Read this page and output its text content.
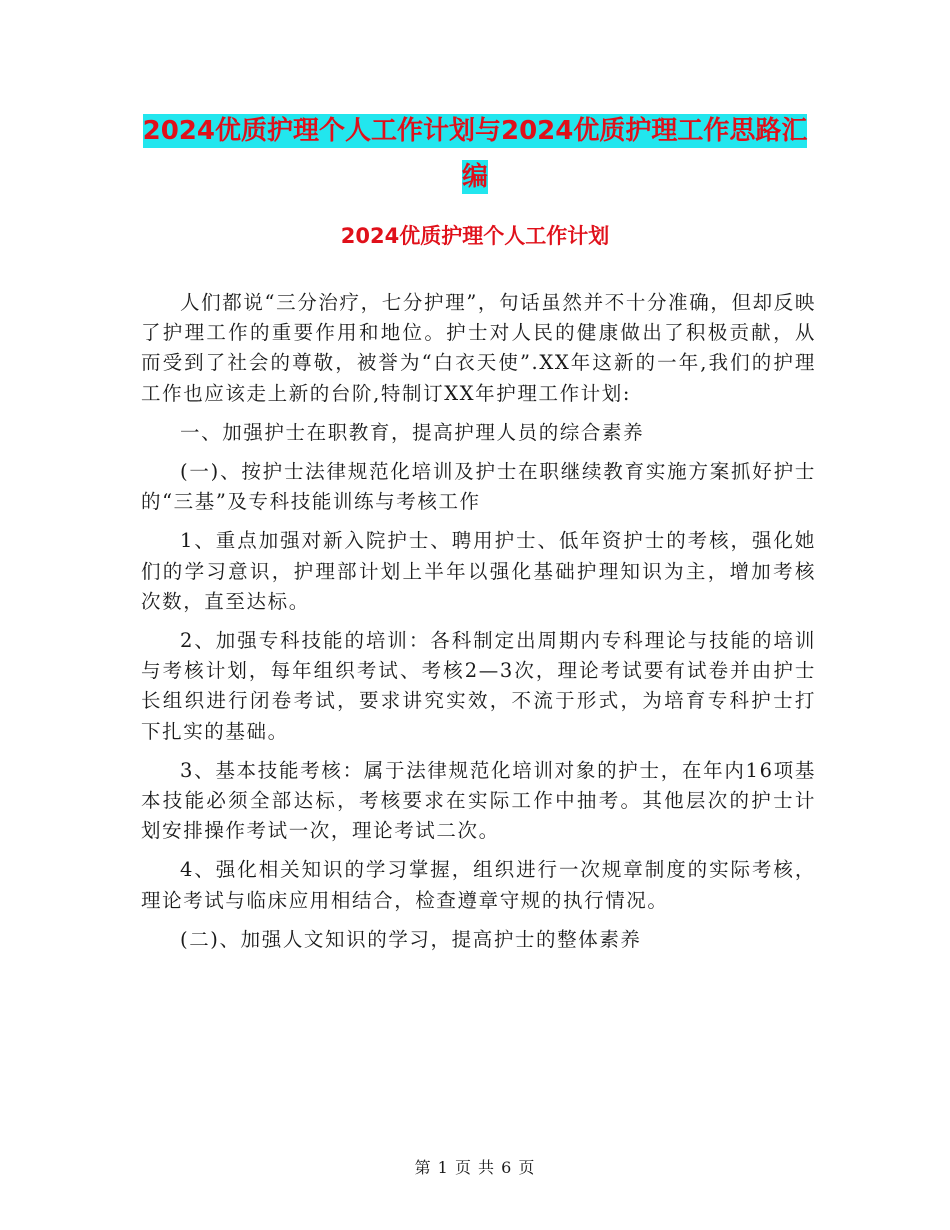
2024优质护理个人工作计划与2024优质护理工作思路汇编
2024优质护理个人工作计划

人们都说“三分治疗，七分护理”，句话虽然并不十分准确，但却反映了护理工作的重要作用和地位。护士对人民的健康做出了积极贡献，从而受到了社会的尊敬，被誉为“白衣天使”.XX年这新的一年,我们的护理工作也应该走上新的台阶,特制订XX年护理工作计划:

一、加强护士在职教育，提高护理人员的综合素养

(一)、按护士法律规范化培训及护士在职继续教育实施方案抓好护士的“三基”及专科技能训练与考核工作

1、重点加强对新入院护士、聘用护士、低年资护士的考核，强化她们的学习意识，护理部计划上半年以强化基础护理知识为主，增加考核次数，直至达标。

2、加强专科技能的培训：各科制定出周期内专科理论与技能的培训与考核计划，每年组织考试、考核2—3次，理论考试要有试卷并由护士长组织进行闭卷考试，要求讲究实效，不流于形式，为培育专科护士打下扎实的基础。

3、基本技能考核：属于法律规范化培训对象的护士，在年内16项基本技能必须全部达标，考核要求在实际工作中抽考。其他层次的护士计划安排操作考试一次，理论考试二次。

4、强化相关知识的学习掌握，组织进行一次规章制度的实际考核，理论考试与临床应用相结合，检查遵章守规的执行情况。

(二)、加强人文知识的学习，提高护士的整体素养

第 1 页 共 6 页
